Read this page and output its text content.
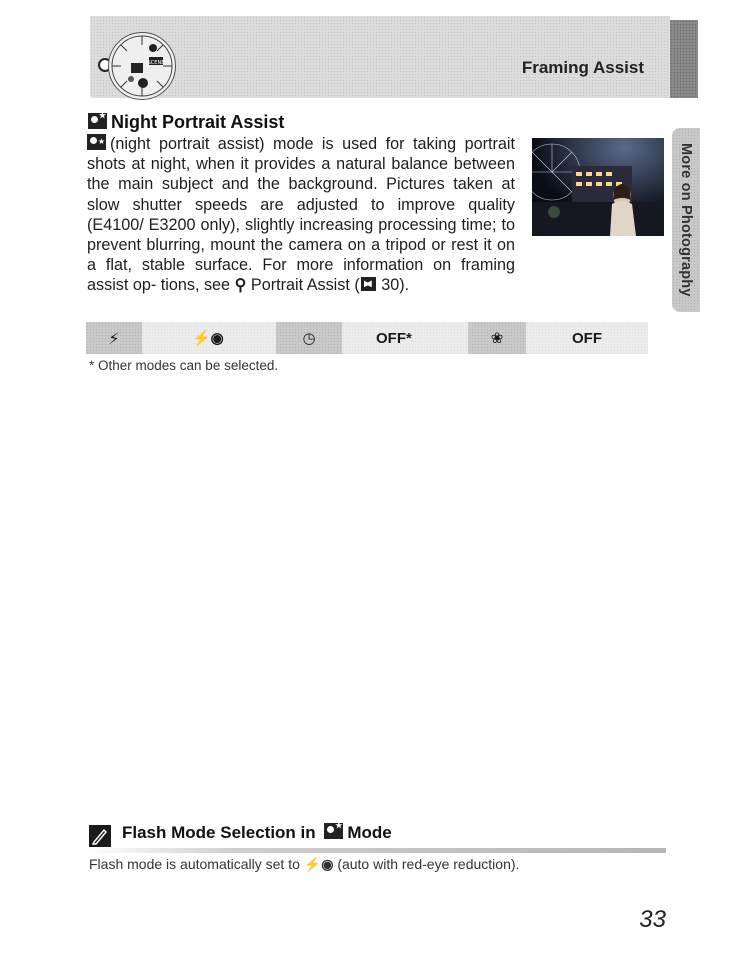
SCENE	Framing Assist
More on Photography
★Night Portrait Assist
★(night portrait assist) mode is used for taking portrait shots at night, when it provides a natural balance between the main subject and the background. Pictures taken at slow shutter speeds are adjusted to improve quality (E4100/ E3200 only), slightly increasing processing time; to prevent blurring, mount the camera on a tripod or rest it on a flat, stable surface. For more information on framing assist op- tions, see ⚲ Portrait Assist ( 30).
⚡	⚡◉	◷	OFF*	❀	OFF
* Other modes can be selected.
Flash Mode Selection in ★ Mode
Flash mode is automatically set to ⚡◉ (auto with red-eye reduction).
33
